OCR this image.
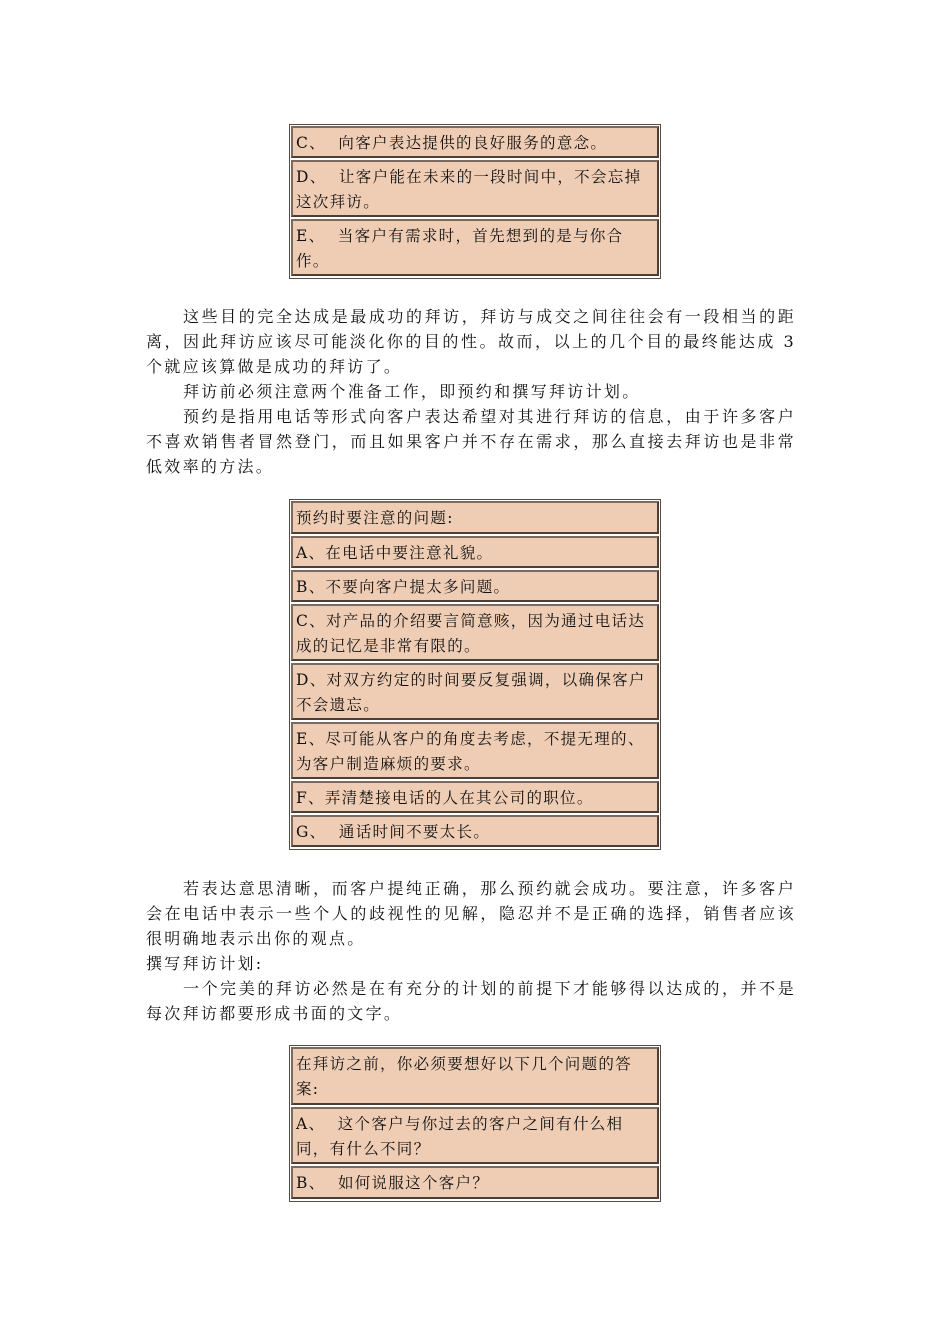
C、  向客户表达提供的良好服务的意念。
D、  让客户能在未来的一段时间中，不会忘掉这次拜访。
E、  当客户有需求时，首先想到的是与你合作。

这些目的完全达成是最成功的拜访，拜访与成交之间往往会有一段相当的距离，因此拜访应该尽可能淡化你的目的性。故而，以上的几个目的最终能达成 3 个就应该算做是成功的拜访了。

拜访前必须注意两个准备工作，即预约和撰写拜访计划。

预约是指用电话等形式向客户表达希望对其进行拜访的信息，由于许多客户不喜欢销售者冒然登门，而且如果客户并不存在需求，那么直接去拜访也是非常低效率的方法。

预约时要注意的问题:
A、在电话中要注意礼貌。
B、不要向客户提太多问题。
C、对产品的介绍要言简意赅，因为通过电话达成的记忆是非常有限的。
D、对双方约定的时间要反复强调，以确保客户不会遗忘。
E、尽可能从客户的角度去考虑，不提无理的、为客户制造麻烦的要求。
F、弄清楚接电话的人在其公司的职位。
G、  通话时间不要太长。

若表达意思清晰，而客户提纯正确，那么预约就会成功。要注意，许多客户会在电话中表示一些个人的歧视性的见解，隐忍并不是正确的选择，销售者应该很明确地表示出你的观点。

撰写拜访计划:

一个完美的拜访必然是在有充分的计划的前提下才能够得以达成的，并不是每次拜访都要形成书面的文字。

在拜访之前，你必须要想好以下几个问题的答案:
A、  这个客户与你过去的客户之间有什么相同，有什么不同？
B、  如何说服这个客户？
